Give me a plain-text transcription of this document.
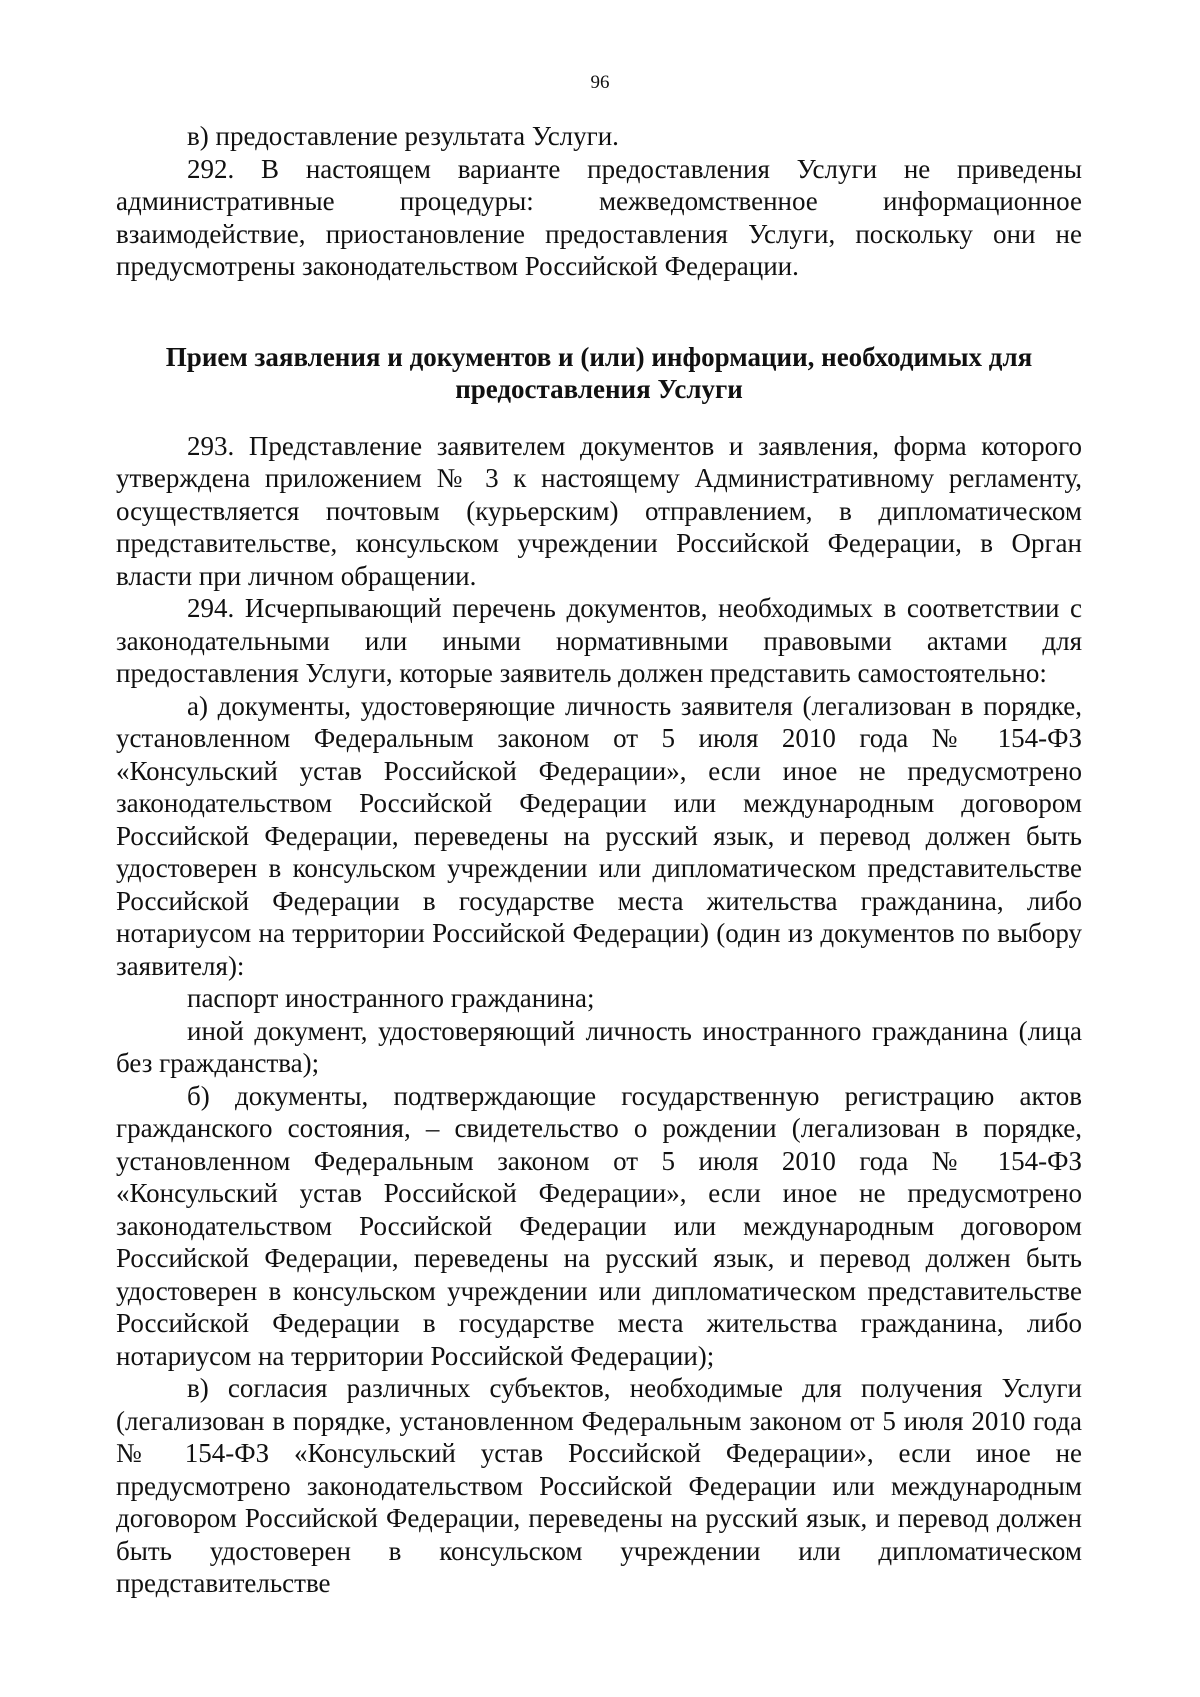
96

в) предоставление результата Услуги.

292. В настоящем варианте предоставления Услуги не приведены административные процедуры: межведомственное информационное взаимодействие, приостановление предоставления Услуги, поскольку они не предусмотрены законодательством Российской Федерации.

Прием заявления и документов и (или) информации, необходимых для
предоставления Услуги

293. Представление заявителем документов и заявления, форма которого утверждена приложением № 3 к настоящему Административному регламенту, осуществляется почтовым (курьерским) отправлением, в дипломатическом представительстве, консульском учреждении Российской Федерации, в Орган власти при личном обращении.

294. Исчерпывающий перечень документов, необходимых в соответствии с законодательными или иными нормативными правовыми актами для предоставления Услуги, которые заявитель должен представить самостоятельно:

а) документы, удостоверяющие личность заявителя (легализован в порядке, установленном Федеральным законом от 5 июля 2010 года № 154-ФЗ «Консульский устав Российской Федерации», если иное не предусмотрено законодательством Российской Федерации или международным договором Российской Федерации, переведены на русский язык, и перевод должен быть удостоверен в консульском учреждении или дипломатическом представительстве Российской Федерации в государстве места жительства гражданина, либо нотариусом на территории Российской Федерации) (один из документов по выбору заявителя):

паспорт иностранного гражданина;

иной документ, удостоверяющий личность иностранного гражданина (лица без гражданства);

б) документы, подтверждающие государственную регистрацию актов гражданского состояния, – свидетельство о рождении (легализован в порядке, установленном Федеральным законом от 5 июля 2010 года № 154-ФЗ «Консульский устав Российской Федерации», если иное не предусмотрено законодательством Российской Федерации или международным договором Российской Федерации, переведены на русский язык, и перевод должен быть удостоверен в консульском учреждении или дипломатическом представительстве Российской Федерации в государстве места жительства гражданина, либо нотариусом на территории Российской Федерации);

в) согласия различных субъектов, необходимые для получения Услуги (легализован в порядке, установленном Федеральным законом от 5 июля 2010 года № 154-ФЗ «Консульский устав Российской Федерации», если иное не предусмотрено законодательством Российской Федерации или международным договором Российской Федерации, переведены на русский язык, и перевод должен быть удостоверен в консульском учреждении или дипломатическом представительстве
